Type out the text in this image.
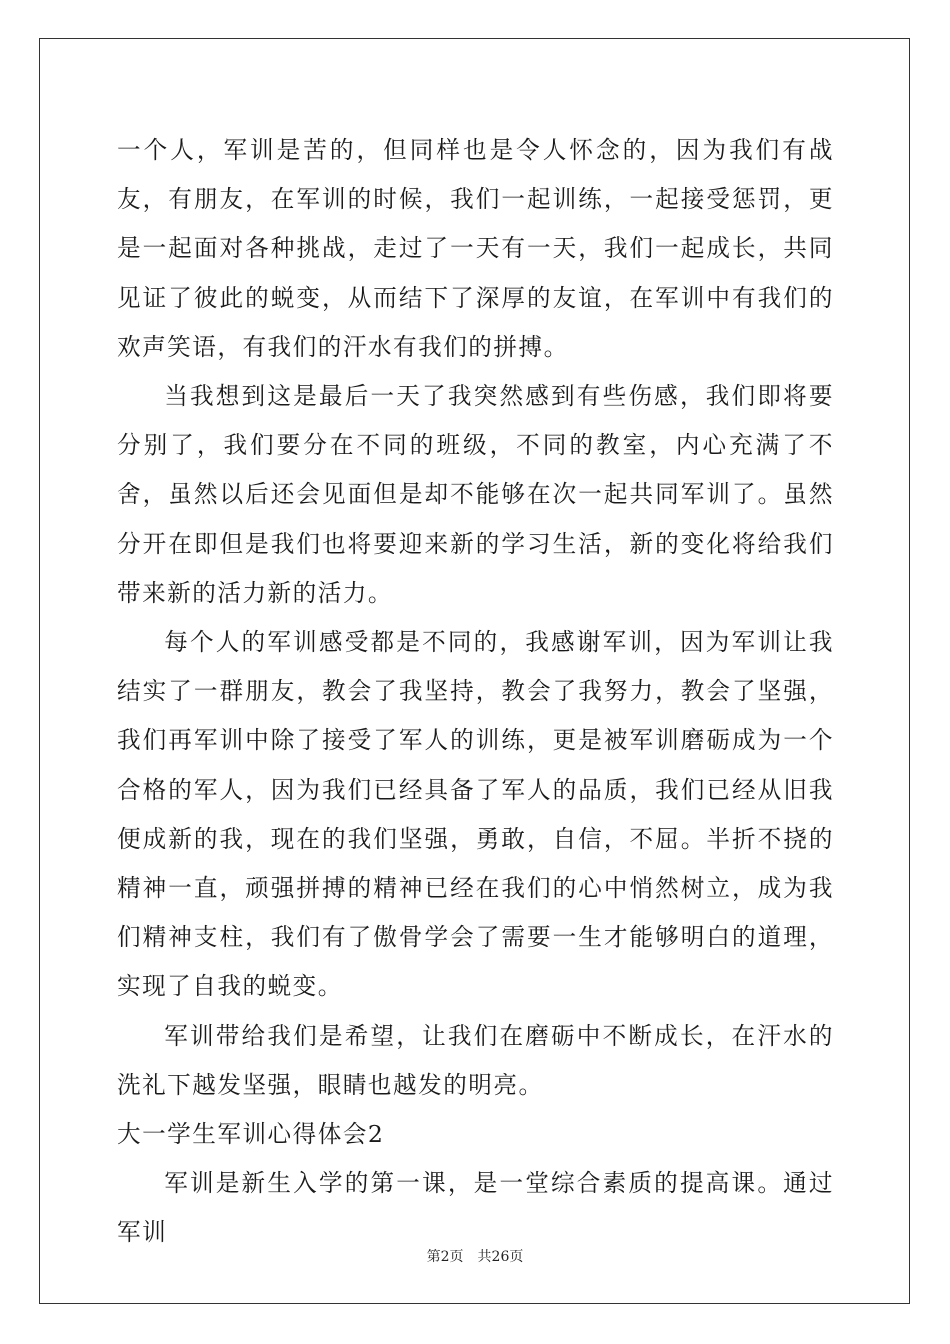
一个人，军训是苦的，但同样也是令人怀念的，因为我们有战友，有朋友，在军训的时候，我们一起训练，一起接受惩罚，更是一起面对各种挑战，走过了一天有一天，我们一起成长，共同见证了彼此的蜕变，从而结下了深厚的友谊，在军训中有我们的欢声笑语，有我们的汗水有我们的拼搏。

当我想到这是最后一天了我突然感到有些伤感，我们即将要分别了，我们要分在不同的班级，不同的教室，内心充满了不舍，虽然以后还会见面但是却不能够在次一起共同军训了。虽然分开在即但是我们也将要迎来新的学习生活，新的变化将给我们带来新的活力新的活力。

每个人的军训感受都是不同的，我感谢军训，因为军训让我结实了一群朋友，教会了我坚持，教会了我努力，教会了坚强，我们再军训中除了接受了军人的训练，更是被军训磨砺成为一个合格的军人，因为我们已经具备了军人的品质，我们已经从旧我便成新的我，现在的我们坚强，勇敢，自信，不屈。半折不挠的精神一直，顽强拼搏的精神已经在我们的心中悄然树立，成为我们精神支柱，我们有了傲骨学会了需要一生才能够明白的道理，实现了自我的蜕变。

军训带给我们是希望，让我们在磨砺中不断成长，在汗水的洗礼下越发坚强，眼睛也越发的明亮。

大一学生军训心得体会2

军训是新生入学的第一课，是一堂综合素质的提高课。通过军训

第2页 共26页
